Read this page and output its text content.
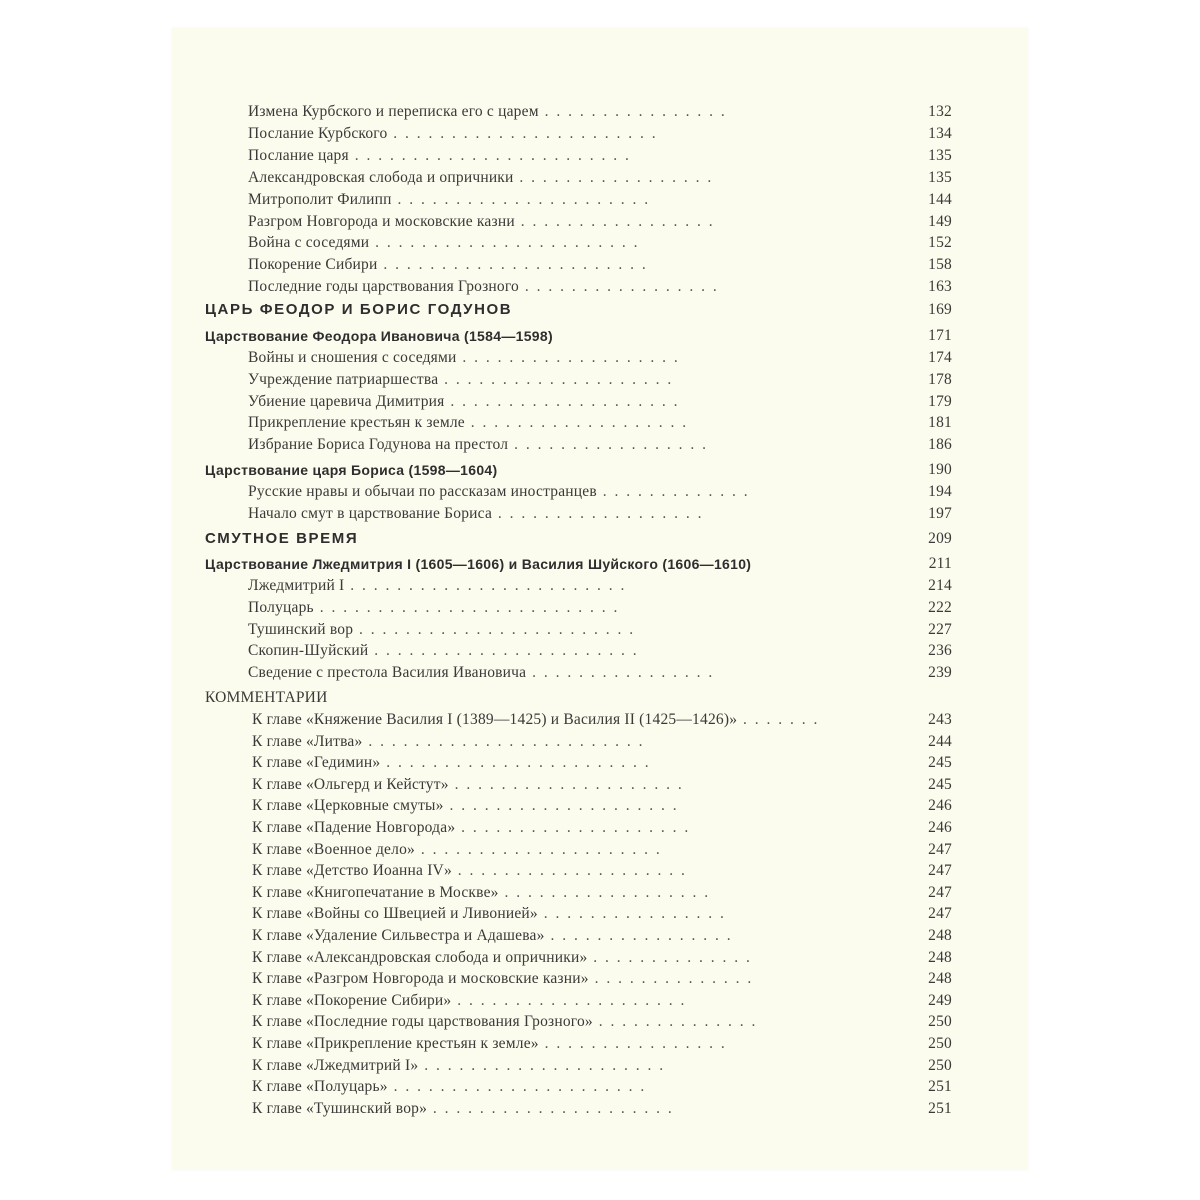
Измена Курбского и переписка его с царем . . . . . . . . . . . . . . . .	132
Послание Курбского . . . . . . . . . . . . . . . . . . . . . . .	134
Послание царя . . . . . . . . . . . . . . . . . . . . . . . .	135
Александровская слобода и опричники . . . . . . . . . . . . . . . . .	135
Митрополит Филипп . . . . . . . . . . . . . . . . . . . . . .	144
Разгром Новгорода и московские казни . . . . . . . . . . . . . . . . .	149
Война с соседями . . . . . . . . . . . . . . . . . . . . . . .	152
Покорение Сибири . . . . . . . . . . . . . . . . . . . . . . .	158
Последние годы царствования Грозного . . . . . . . . . . . . . . . . .	163
ЦАРЬ ФЕОДОР И БОРИС ГОДУНОВ	169
Царствование Феодора Ивановича (1584—1598)	171
Войны и сношения с соседями . . . . . . . . . . . . . . . . . . .	174
Учреждение патриаршества . . . . . . . . . . . . . . . . . . . .	178
Убиение царевича Димитрия . . . . . . . . . . . . . . . . . . . .	179
Прикрепление крестьян к земле . . . . . . . . . . . . . . . . . . .	181
Избрание Бориса Годунова на престол . . . . . . . . . . . . . . . . .	186
Царствование царя Бориса (1598—1604)	190
Русские нравы и обычаи по рассказам иностранцев . . . . . . . . . . . . .	194
Начало смут в царствование Бориса . . . . . . . . . . . . . . . . . .	197
СМУТНОЕ ВРЕМЯ	209
Царствование Лжедмитрия I (1605—1606) и Василия Шуйского (1606—1610)	211
Лжедмитрий I . . . . . . . . . . . . . . . . . . . . . . . .	214
Полуцарь . . . . . . . . . . . . . . . . . . . . . . . . . .	222
Тушинский вор . . . . . . . . . . . . . . . . . . . . . . . .	227
Скопин-Шуйский . . . . . . . . . . . . . . . . . . . . . . .	236
Сведение с престола Василия Ивановича . . . . . . . . . . . . . . . .	239
КОММЕНТАРИИ
К главе «Княжение Василия I (1389—1425) и Василия II (1425—1426)» . . . . . . .	243
К главе «Литва» . . . . . . . . . . . . . . . . . . . . . . . .	244
К главе «Гедимин» . . . . . . . . . . . . . . . . . . . . . . .	245
К главе «Ольгерд и Кейстут» . . . . . . . . . . . . . . . . . . . .	245
К главе «Церковные смуты» . . . . . . . . . . . . . . . . . . . .	246
К главе «Падение Новгорода» . . . . . . . . . . . . . . . . . . . .	246
К главе «Военное дело» . . . . . . . . . . . . . . . . . . . . .	247
К главе «Детство Иоанна IV» . . . . . . . . . . . . . . . . . . . .	247
К главе «Книгопечатание в Москве» . . . . . . . . . . . . . . . . . .	247
К главе «Войны со Швецией и Ливонией» . . . . . . . . . . . . . . . .	247
К главе «Удаление Сильвестра и Адашева» . . . . . . . . . . . . . . . .	248
К главе «Александровская слобода и опричники» . . . . . . . . . . . . . .	248
К главе «Разгром Новгорода и московские казни» . . . . . . . . . . . . . .	248
К главе «Покорение Сибири» . . . . . . . . . . . . . . . . . . . .	249
К главе «Последние годы царствования Грозного» . . . . . . . . . . . . . .	250
К главе «Прикрепление крестьян к земле» . . . . . . . . . . . . . . . .	250
К главе «Лжедмитрий I» . . . . . . . . . . . . . . . . . . . . .	250
К главе «Полуцарь» . . . . . . . . . . . . . . . . . . . . . .	251
К главе «Тушинский вор» . . . . . . . . . . . . . . . . . . . . .	251
